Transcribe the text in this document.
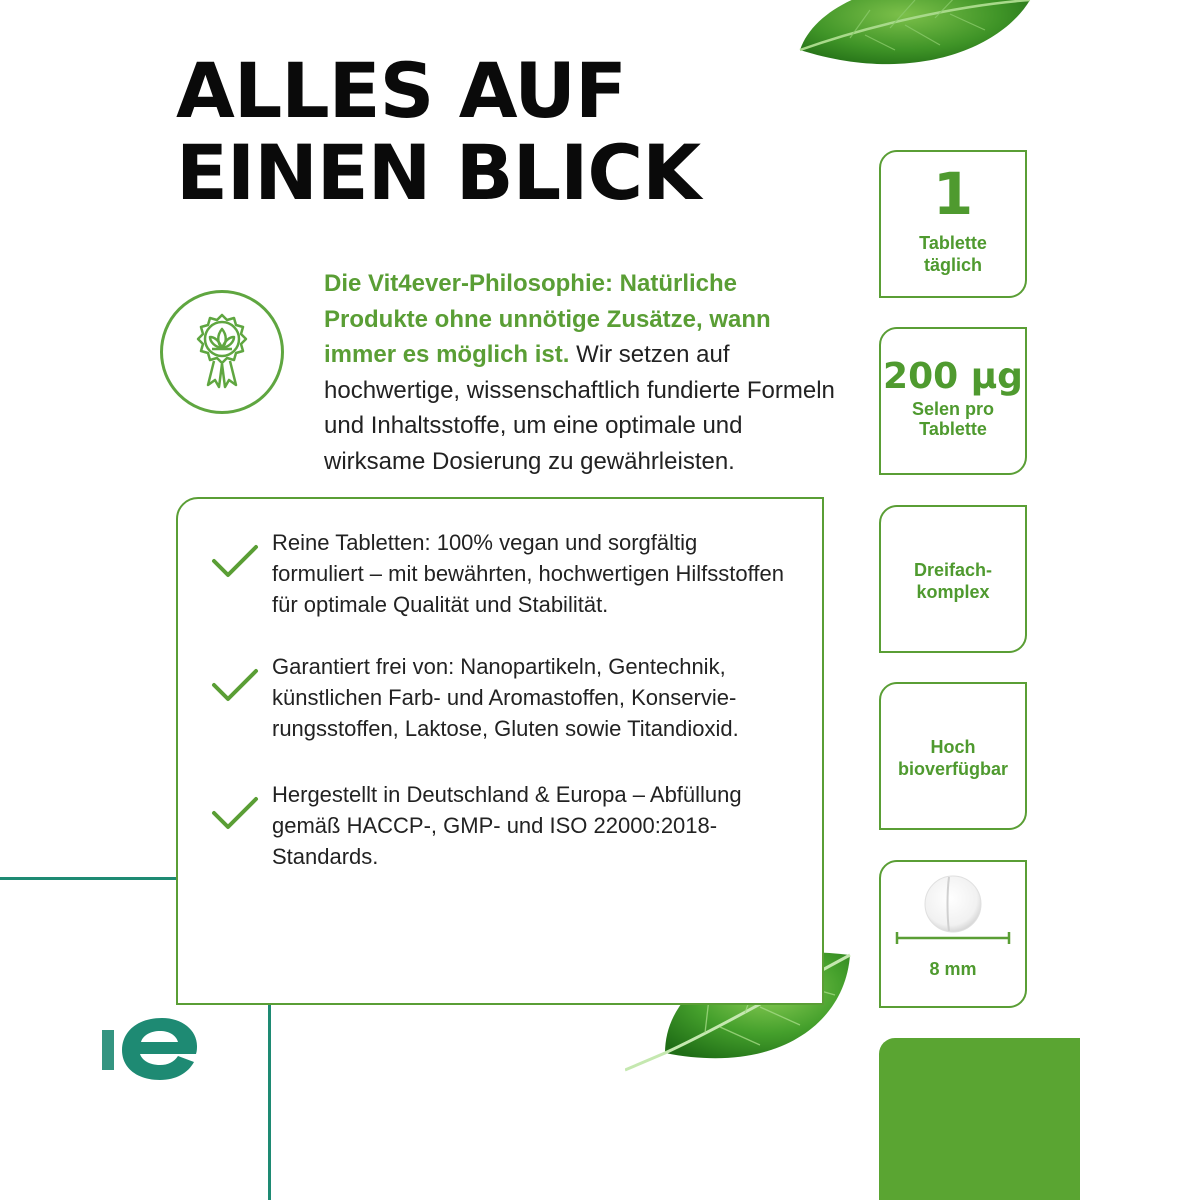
ALLES AUF
EINEN BLICK

Die Vit4ever-Philosophie: Natürliche Produkte ohne unnötige Zusätze, wann immer es möglich ist. Wir setzen auf hochwertige, wissenschaftlich fundierte Formeln und Inhaltsstoffe, um eine optimale und wirksame Dosierung zu gewährleisten.

Reine Tabletten: 100% vegan und sorgfältig formuliert – mit bewährten, hochwertigen Hilfsstoffen für optimale Qualität und Stabilität.

Garantiert frei von: Nanopartikeln, Gentechnik, künstlichen Farb- und Aromastoffen, Konservie-rungsstoffen, Laktose, Gluten sowie Titandioxid.

Hergestellt in Deutschland & Europa – Abfüllung gemäß HACCP-, GMP- und ISO 22000:2018-Standards.

1
Tablette
täglich
200 µg
Selen pro
Tablette
Dreifach-
komplex
Hoch
bioverfügbar
8 mm
